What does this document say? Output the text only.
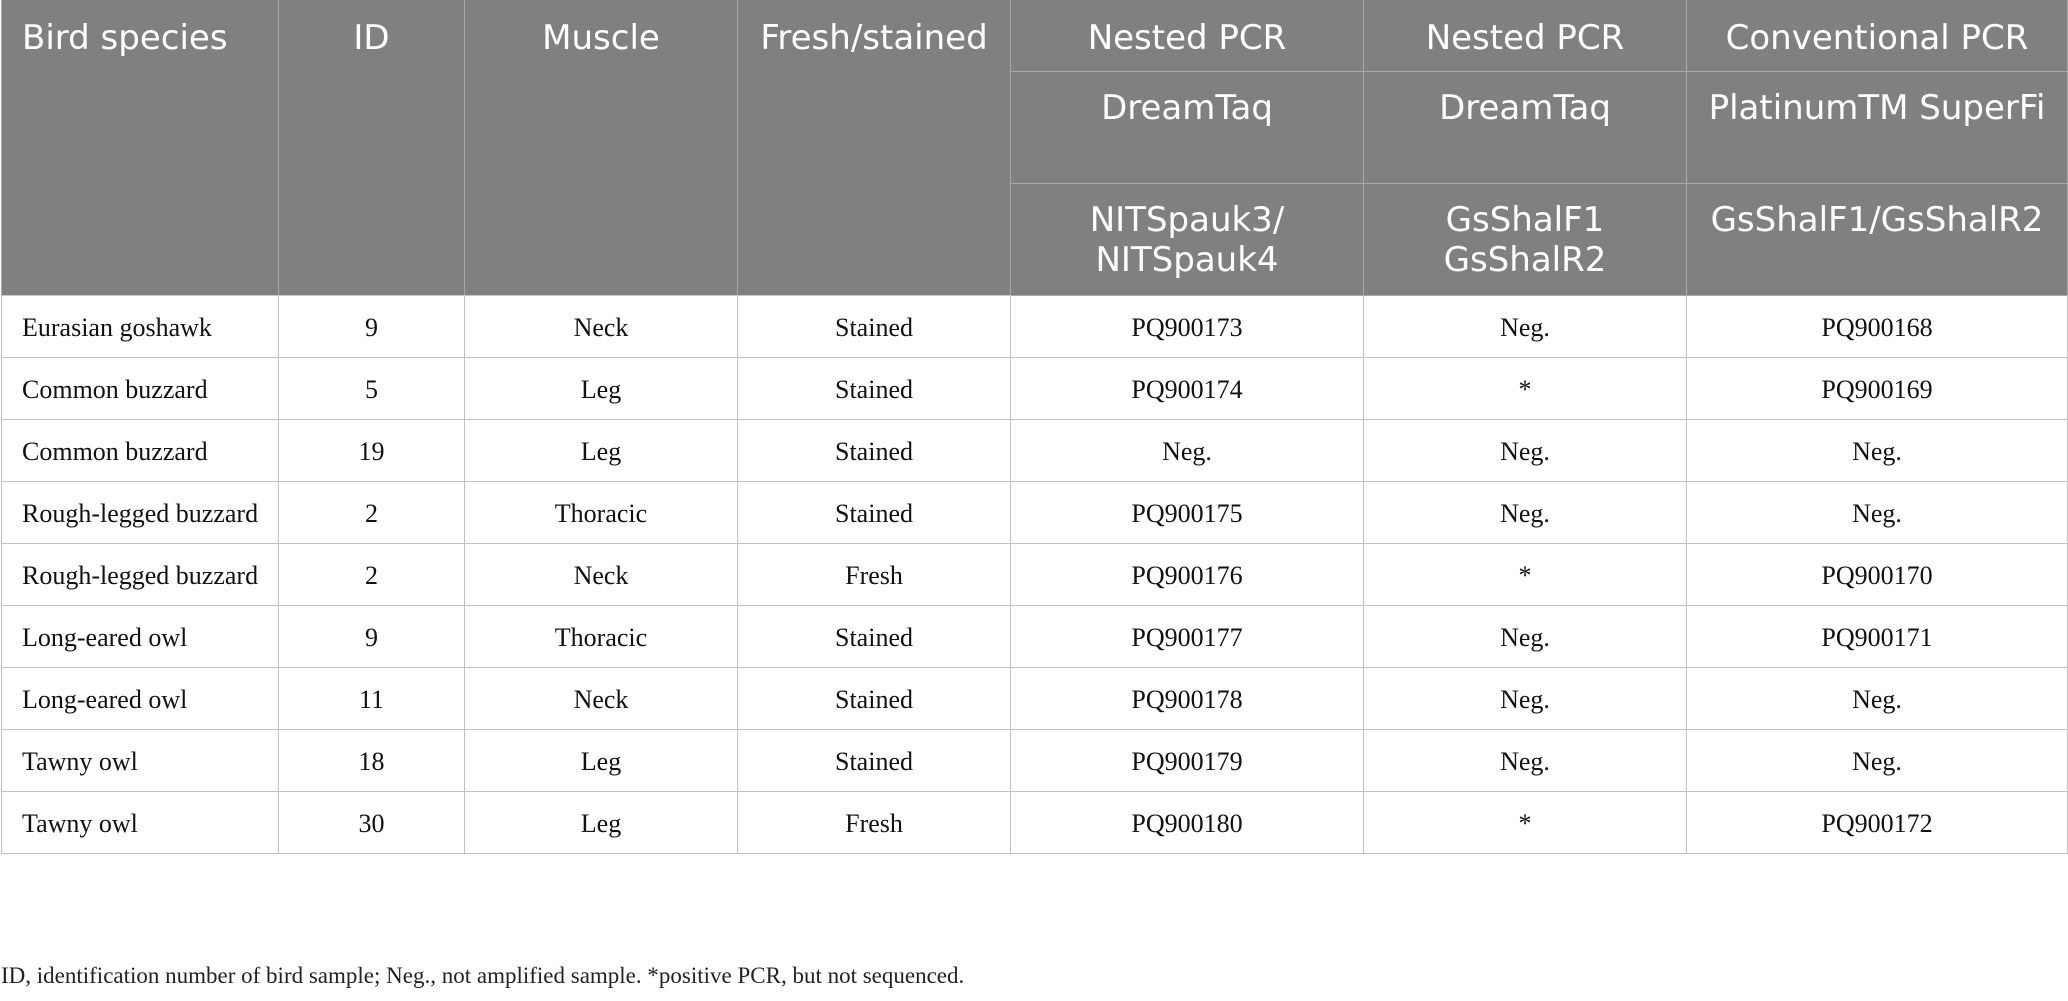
Bird species	ID	Muscle	Fresh/stained	Nested PCR	Nested PCR	Conventional PCR
				DreamTaq	DreamTaq	PlatinumTM SuperFi
				NITSpauk3/ NITSpauk4	GsShalF1 GsShalR2	GsShalF1/GsShalR2
Eurasian goshawk	9	Neck	Stained	PQ900173	Neg.	PQ900168
Common buzzard	5	Leg	Stained	PQ900174	*	PQ900169
Common buzzard	19	Leg	Stained	Neg.	Neg.	Neg.
Rough-legged buzzard	2	Thoracic	Stained	PQ900175	Neg.	Neg.
Rough-legged buzzard	2	Neck	Fresh	PQ900176	*	PQ900170
Long-eared owl	9	Thoracic	Stained	PQ900177	Neg.	PQ900171
Long-eared owl	11	Neck	Stained	PQ900178	Neg.	Neg.
Tawny owl	18	Leg	Stained	PQ900179	Neg.	Neg.
Tawny owl	30	Leg	Fresh	PQ900180	*	PQ900172
ID, identification number of bird sample; Neg., not amplified sample. *positive PCR, but not sequenced.
